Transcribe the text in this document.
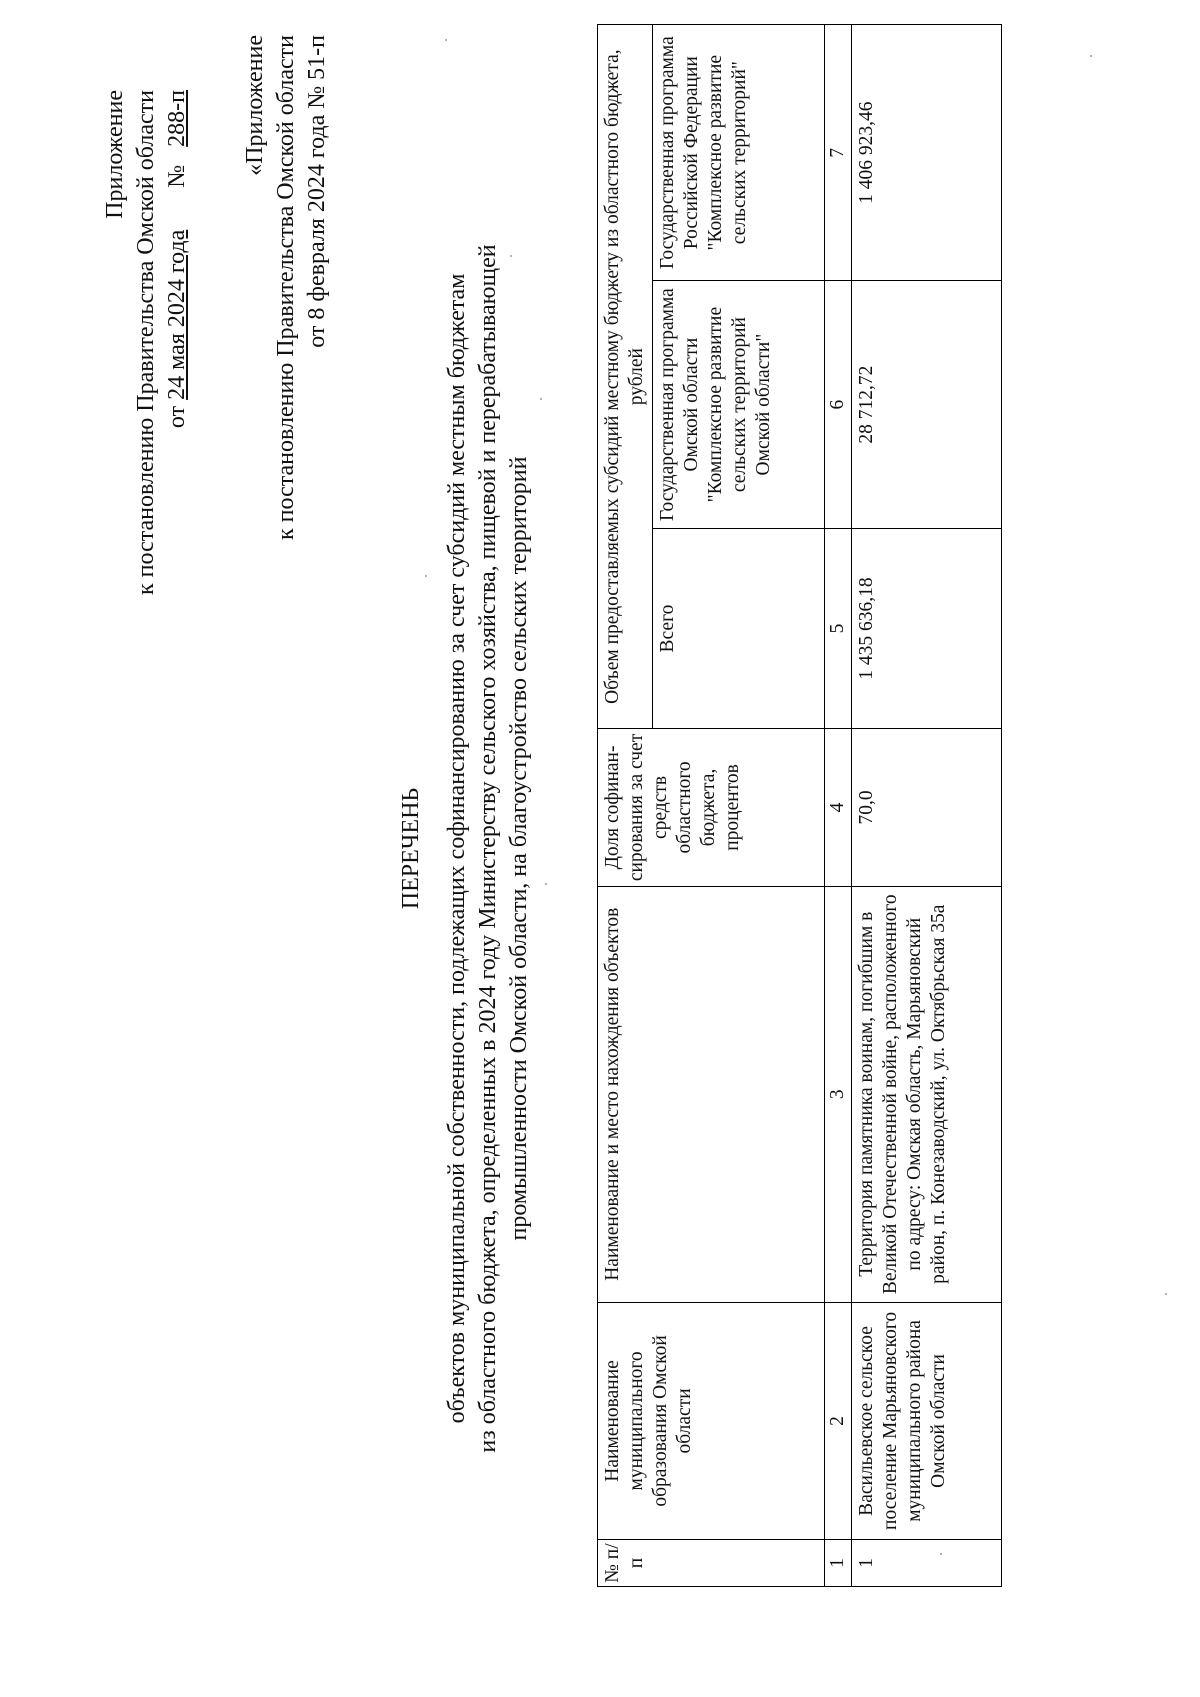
Приложение к постановлению Правительства Омской области от 24 мая 2024 года       №   288-п «Приложение к постановлению Правительства Омской области от 8 февраля 2024 года № 51-п
ПЕРЕЧЕНЬ объектов муниципальной собственности, подлежащих софинансированию за счет субсидий местным бюджетам из областного бюджета, определенных в 2024 году Министерству сельского хозяйства, пищевой и перерабатывающей промышленности Омской области, на благоустройство сельских территорий
№ п/п	Наименование муниципального образования Омской области	Наименование и место нахождения объектов	Доля софинан-сирования за счет средств областного бюджета, процентов	Объем предоставляемых субсидий местному бюджету из областного бюджета, рублей		
				Всего	Государственная программа Омской области "Комплексное развитие сельских территорий Омской области"	Государственная программа Российской Федерации "Комплексное развитие сельских территорий"
1	2	3	4	5	6	7
1	Васильевское сельское поселение Марьяновского муниципального района Омской области	Территория памятника воинам, погибшим в Великой Отечественной войне, расположенного по адресу: Омская область, Марьяновский район, п. Конезаводский, ул. Октябрьская 35а	70,0	1 435 636,18	28 712,72	1 406 923,46
